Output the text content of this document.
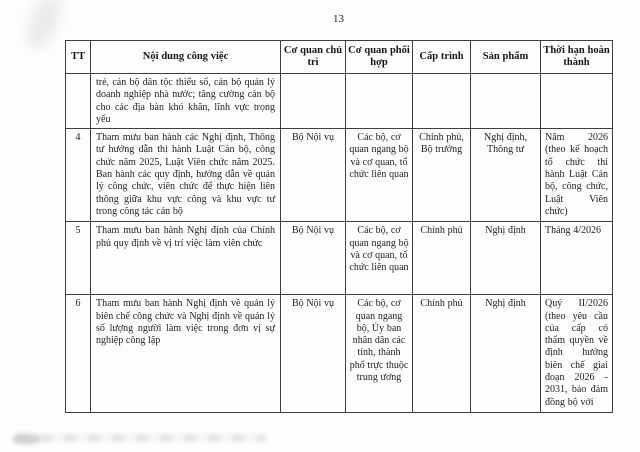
13
TT	Nội dung công việc	Cơ quan chủ trì	Cơ quan phối hợp	Cấp trình	Sản phẩm	Thời hạn hoàn thành
	trẻ, cán bộ dân tộc thiểu số, cán bộ quản lý doanh nghiệp nhà nước; tăng cường cán bộ cho các địa bàn khó khăn, lĩnh vực trọng yếu					
4	Tham mưu ban hành các Nghị định, Thông tư hướng dẫn thi hành Luật Cán bộ, công chức năm 2025, Luật Viên chức năm 2025. Ban hành các quy định, hướng dẫn về quản lý công chức, viên chức để thực hiện liên thông giữa khu vực công và khu vực tư trong công tác cán bộ	Bộ Nội vụ	Các bộ, cơ quan ngang bộ và cơ quan, tổ chức liên quan	Chính phủ, Bộ trưởng	Nghị định, Thông tư	Năm 2026 (theo kế hoạch tổ chức thi hành Luật Cán bộ, công chức, Luật Viên chức)
5	Tham mưu ban hành Nghị định của Chính phủ quy định về vị trí việc làm viên chức	Bộ Nội vụ	Các bộ, cơ quan ngang bộ và cơ quan, tổ chức liên quan	Chính phủ	Nghị định	Tháng 4/2026
6	Tham mưu ban hành Nghị định về quản lý biên chế công chức và Nghị định về quản lý số lượng người làm việc trong đơn vị sự nghiệp công lập	Bộ Nội vụ	Các bộ, cơ quan ngang bộ, Ủy ban nhân dân các tỉnh, thành phố trực thuộc trung ương	Chính phủ	Nghị định	Quý II/2026 (theo yêu cầu của cấp có thẩm quyền về định hướng biên chế giai đoạn 2026 - 2031, bảo đảm đồng bộ với
